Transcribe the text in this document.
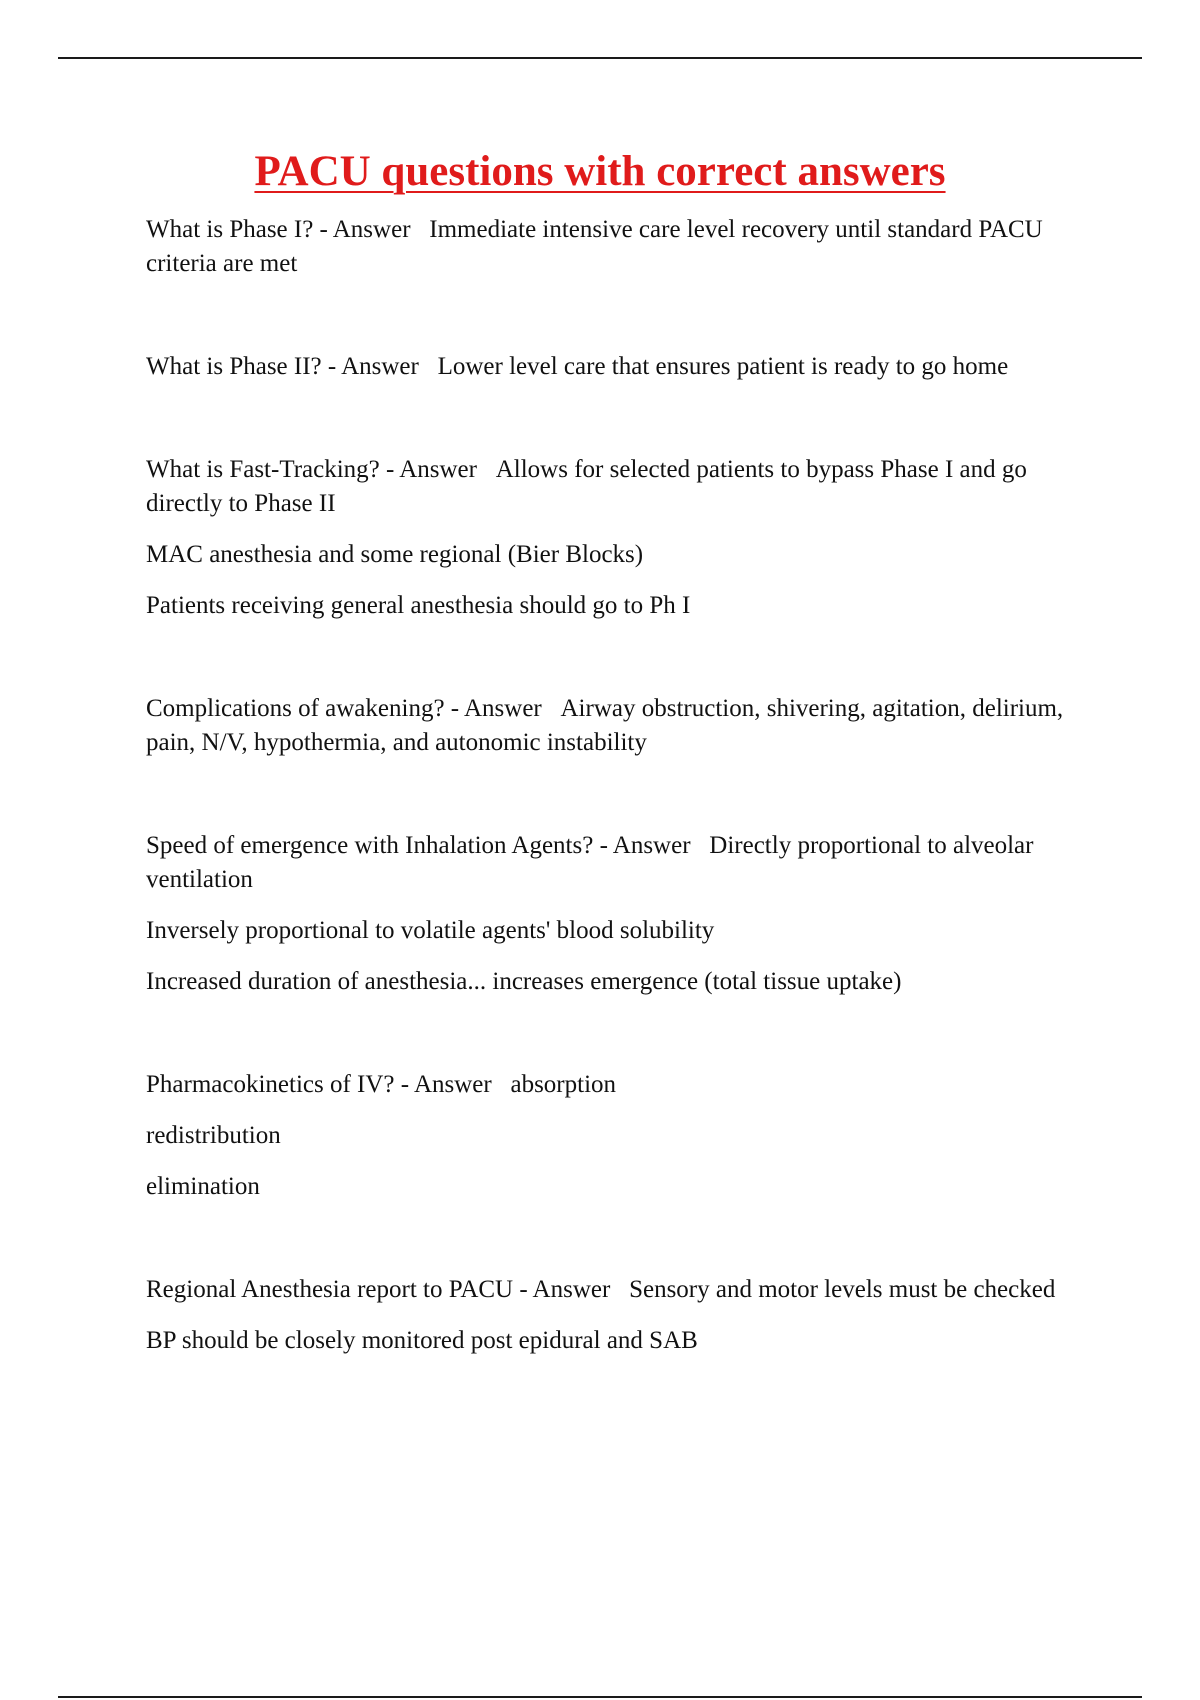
PACU questions with correct answers

What is Phase I? - Answer Immediate intensive care level recovery until standard PACU criteria are met

What is Phase II? - Answer Lower level care that ensures patient is ready to go home

What is Fast-Tracking? - Answer Allows for selected patients to bypass Phase I and go directly to Phase II

MAC anesthesia and some regional (Bier Blocks)

Patients receiving general anesthesia should go to Ph I

Complications of awakening? - Answer Airway obstruction, shivering, agitation, delirium, pain, N/V, hypothermia, and autonomic instability

Speed of emergence with Inhalation Agents? - Answer Directly proportional to alveolar ventilation

Inversely proportional to volatile agents' blood solubility

Increased duration of anesthesia... increases emergence (total tissue uptake)

Pharmacokinetics of IV? - Answer absorption

redistribution

elimination

Regional Anesthesia report to PACU - Answer Sensory and motor levels must be checked

BP should be closely monitored post epidural and SAB
